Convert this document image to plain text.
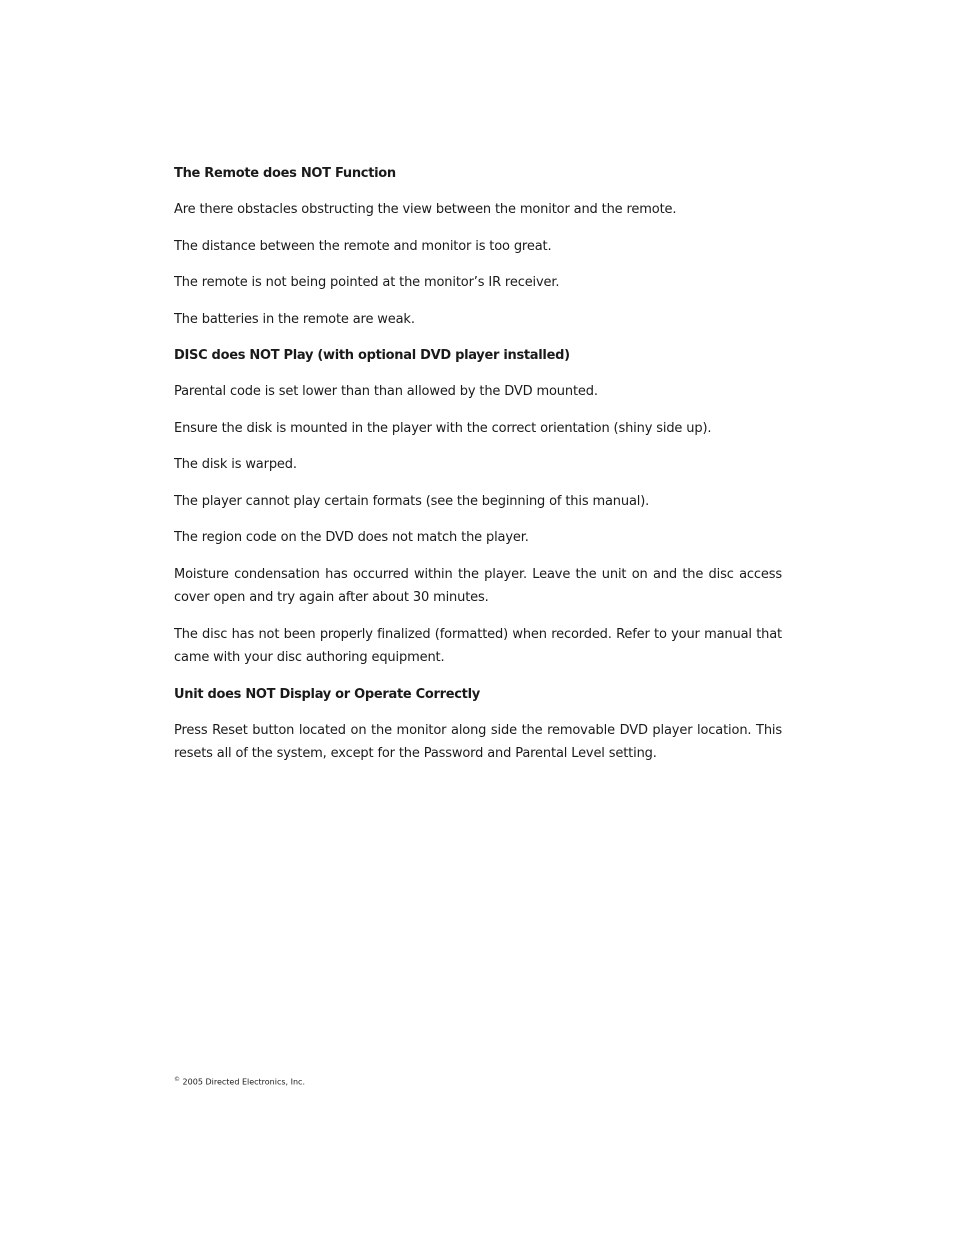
The Remote does NOT Function

Are there obstacles obstructing the view between the monitor and the remote.

The distance between the remote and monitor is too great.

The remote is not being pointed at the monitor’s IR receiver.

The batteries in the remote are weak.

DISC does NOT Play (with optional DVD player installed)

Parental code is set lower than than allowed by the DVD mounted.

Ensure the disk is mounted in the player with the correct orientation (shiny side up).

The disk is warped.

The player cannot play certain formats (see the beginning of this manual).

The region code on the DVD does not match the player.

Moisture condensation has occurred within the player. Leave the unit on and the disc access cover open and try again after about 30 minutes.

The disc has not been properly finalized (formatted) when recorded. Refer to your manual that came with your disc authoring equipment.

Unit does NOT Display or Operate Correctly

Press Reset button located on the monitor along side the removable DVD player location. This resets all of the system, except for the Password and Parental Level setting.

© 2005 Directed Electronics, Inc.
